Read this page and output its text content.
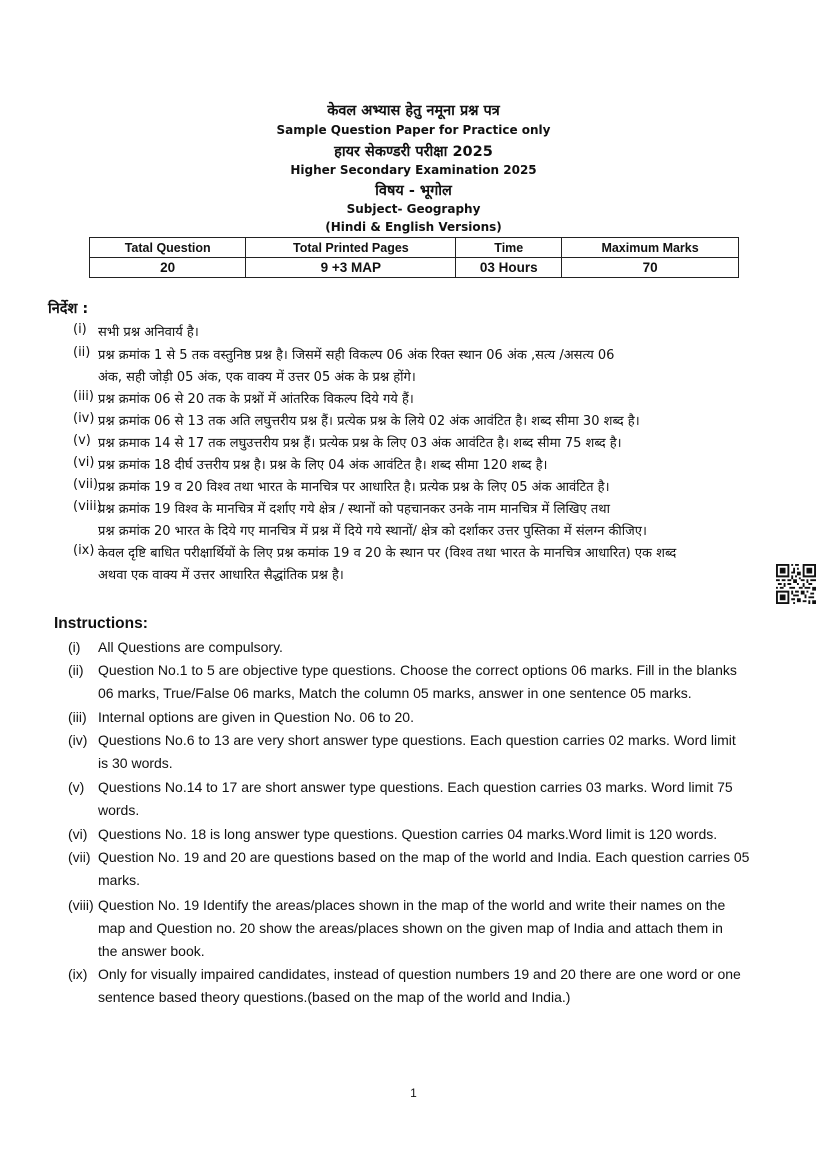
केवल अभ्यास हेतु नमूना प्रश्न पत्र
Sample Question Paper for Practice only
हायर सेकण्डरी परीक्षा 2025
Higher Secondary Examination 2025
विषय - भूगोल
Subject- Geography
(Hindi & English Versions)
Tatal Question	Total Printed Pages	Time	Maximum Marks
20	9 +3 MAP	03 Hours	70
निर्देश :
(i) सभी प्रश्न अनिवार्य है।
(ii) प्रश्न क्रमांक 1 से 5 तक वस्तुनिष्ठ प्रश्न है। जिसमें सही विकल्प 06 अंक रिक्त स्थान 06 अंक ,सत्य /असत्य 06
अंक, सही जोड़ी 05 अंक, एक वाक्य में उत्तर 05 अंक के प्रश्न होंगे।
(iii) प्रश्न क्रमांक 06 से 20 तक के प्रश्नों में आंतरिक विकल्प दिये गये हैं।
(iv) प्रश्न क्रमांक 06 से 13 तक अति लघुत्तरीय प्रश्न हैं। प्रत्येक प्रश्न के लिये 02 अंक आवंटित है। शब्द सीमा 30 शब्द है।
(v) प्रश्न क्रमाक 14 से 17 तक लघुउत्तरीय प्रश्न हैं। प्रत्येक प्रश्न के लिए 03 अंक आवंटित है। शब्द सीमा 75 शब्द है।
(vi) प्रश्न क्रमांक 18 दीर्घ उत्तरीय प्रश्न है। प्रश्न के लिए 04 अंक आवंटित है। शब्द सीमा 120 शब्द है।
(vii) प्रश्न क्रमांक 19 व 20 विश्व तथा भारत के मानचित्र पर आधारित है। प्रत्येक प्रश्न के लिए 05 अंक आवंटित है।
(viii)
प्रश्न क्रमांक 19 विश्व के मानचित्र में दर्शाए गये क्षेत्र / स्थानों को पहचानकर उनके नाम मानचित्र में लिखिए तथा
प्रश्न क्रमांक 20 भारत के दिये गए मानचित्र में प्रश्न में दिये गये स्थानों/ क्षेत्र को दर्शाकर उत्तर पुस्तिका में संलग्न कीजिए।
(ix) केवल दृष्टि बाधित परीक्षार्थियों के लिए प्रश्न कमांक 19 व 20 के स्थान पर (विश्व तथा भारत के मानचित्र आधारित) एक शब्द
अथवा एक वाक्य में उत्तर आधारित सैद्धांतिक प्रश्न है।
Instructions:
(i) All Questions are compulsory.
(ii) Question No.1 to 5 are objective type questions. Choose the correct options 06 marks. Fill in the blanks
06 marks, True/False 06 marks, Match the column 05 marks, answer in one sentence 05 marks.
(iii) Internal options are given in Question No. 06 to 20.
(iv) Questions No.6 to 13 are very short answer type questions. Each question carries 02 marks. Word limit
is 30 words.
(v) Questions No.14 to 17 are short answer type questions. Each question carries 03 marks. Word limit 75
words.
(vi) Questions No. 18 is long answer type questions. Question carries 04 marks.Word limit is 120 words.
(vii) Question No. 19 and 20 are questions based on the map of the world and India. Each question carries 05
marks.
(viii) Question No. 19 Identify the areas/places shown in the map of the world and write their names on the
map and Question no. 20 show the areas/places shown on the given map of India and attach them in
the answer book.
(ix) Only for visually impaired candidates, instead of question numbers 19 and 20 there are one word or one
sentence based theory questions.(based on the map of the world and India.)
1
